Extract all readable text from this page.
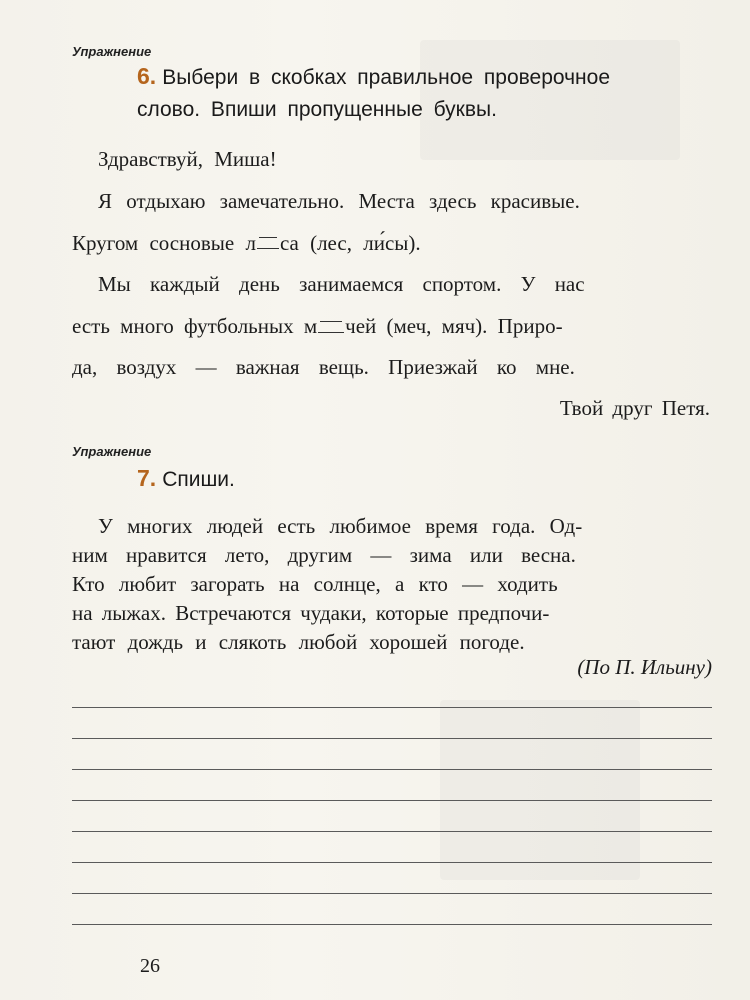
Упражнение
6. Выбери в скобках правильное проверочное
слово. Впиши пропущенные буквы.
Здравствуй, Миша!
Я отдыхаю замечательно. Места здесь красивые.
Кругом сосновые л са (лес, ли́сы).
Мы каждый день занимаемся спортом. У нас
есть много футбольных м чей (меч, мяч). Приро-
да, воздух — важная вещь. Приезжай ко мне.
Твой друг Петя.
Упражнение
7. Спиши.
У многих людей есть любимое время года. Од-
ним нравится лето, другим — зима или весна.
Кто любит загорать на солнце, а кто — ходить
на лыжах. Встречаются чудаки, которые предпочи-
тают дождь и слякоть любой хорошей погоде.
(По П. Ильину)
26
